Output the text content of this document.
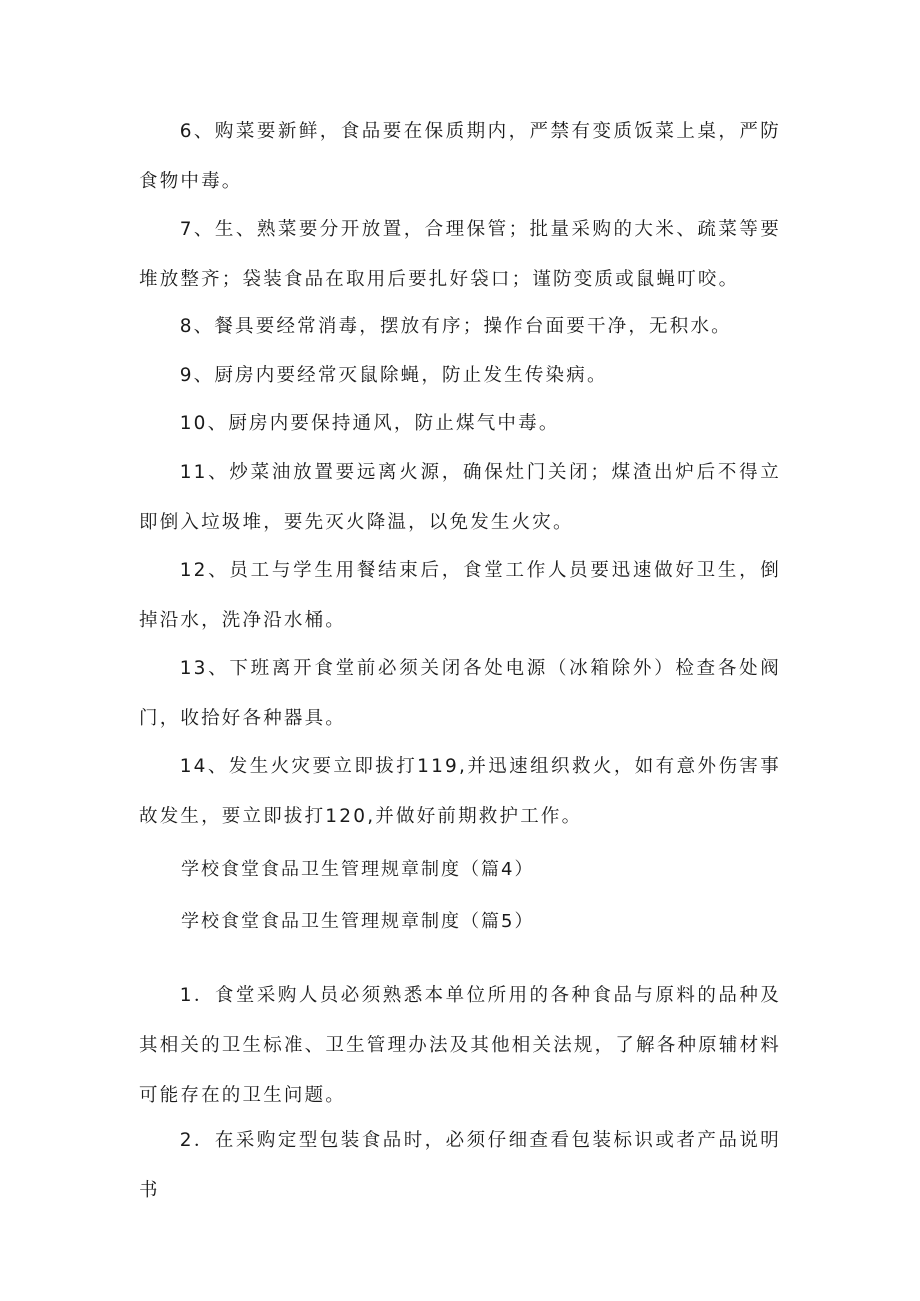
6、购菜要新鲜，食品要在保质期内，严禁有变质饭菜上桌，严防食物中毒。

7、生、熟菜要分开放置，合理保管；批量采购的大米、疏菜等要堆放整齐；袋装食品在取用后要扎好袋口；谨防变质或鼠蝇叮咬。

8、餐具要经常消毒，摆放有序；操作台面要干净，无积水。

9、厨房内要经常灭鼠除蝇，防止发生传染病。

10、厨房内要保持通风，防止煤气中毒。

11、炒菜油放置要远离火源，确保灶门关闭；煤渣出炉后不得立即倒入垃圾堆，要先灭火降温，以免发生火灾。

12、员工与学生用餐结束后，食堂工作人员要迅速做好卫生，倒掉沿水，洗净沿水桶。

13、下班离开食堂前必须关闭各处电源（冰箱除外）检查各处阀门，收拾好各种器具。

14、发生火灾要立即拔打119,并迅速组织救火，如有意外伤害事故发生，要立即拔打120,并做好前期救护工作。

学校食堂食品卫生管理规章制度（篇4）

学校食堂食品卫生管理规章制度（篇5）

1．食堂采购人员必须熟悉本单位所用的各种食品与原料的品种及其相关的卫生标准、卫生管理办法及其他相关法规，了解各种原辅材料可能存在的卫生问题。

2．在采购定型包装食品时，必须仔细查看包装标识或者产品说明书
